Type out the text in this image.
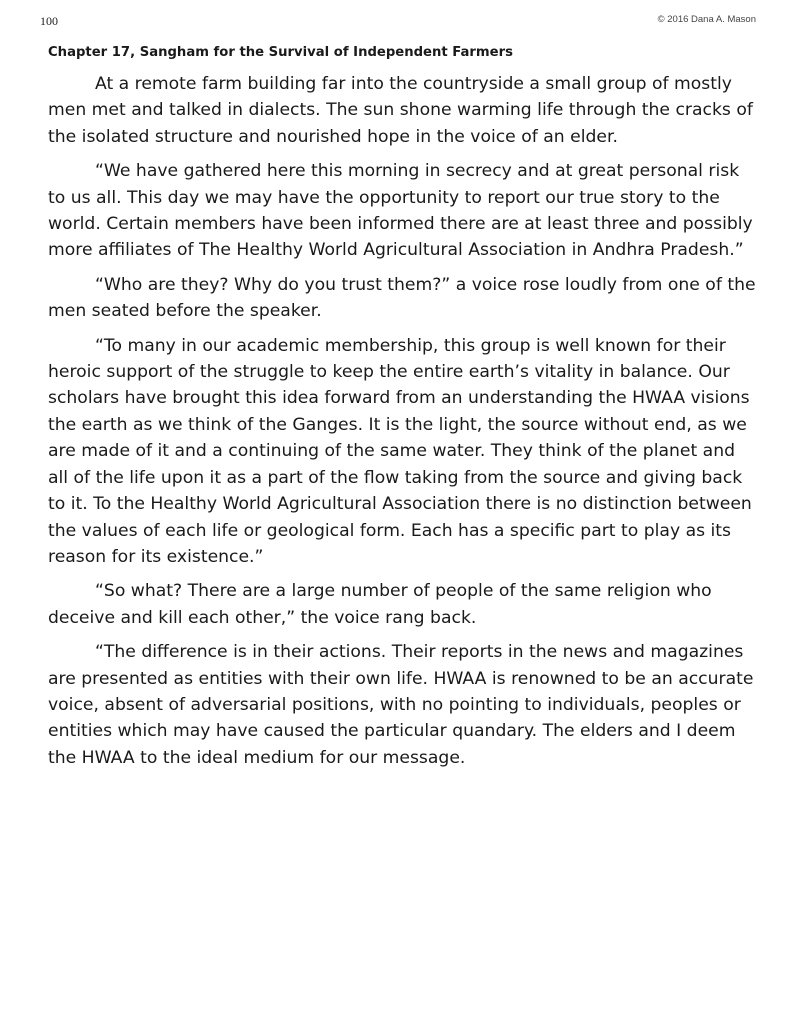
100	© 2016 Dana A. Mason
Chapter 17, Sangham for the Survival of Independent Farmers

At a remote farm building far into the countryside a small group of mostly men met and talked in dialects. The sun shone warming life through the cracks of the isolated structure and nourished hope in the voice of an elder.

“We have gathered here this morning in secrecy and at great personal risk to us all. This day we may have the opportunity to report our true story to the world. Certain members have been informed there are at least three and possibly more affiliates of The Healthy World Agricultural Association in Andhra Pradesh.”

“Who are they? Why do you trust them?” a voice rose loudly from one of the men seated before the speaker.

“To many in our academic membership, this group is well known for their heroic support of the struggle to keep the entire earth’s vitality in balance. Our scholars have brought this idea forward from an understanding the HWAA visions the earth as we think of the Ganges. It is the light, the source without end, as we are made of it and a continuing of the same water. They think of the planet and all of the life upon it as a part of the flow taking from the source and giving back to it. To the Healthy World Agricultural Association there is no distinction between the values of each life or geological form. Each has a specific part to play as its reason for its existence.”

“So what? There are a large number of people of the same religion who deceive and kill each other,” the voice rang back.

“The difference is in their actions. Their reports in the news and magazines are presented as entities with their own life. HWAA is renowned to be an accurate voice, absent of adversarial positions, with no pointing to individuals, peoples or entities which may have caused the particular quandary. The elders and I deem the HWAA to the ideal medium for our message.
